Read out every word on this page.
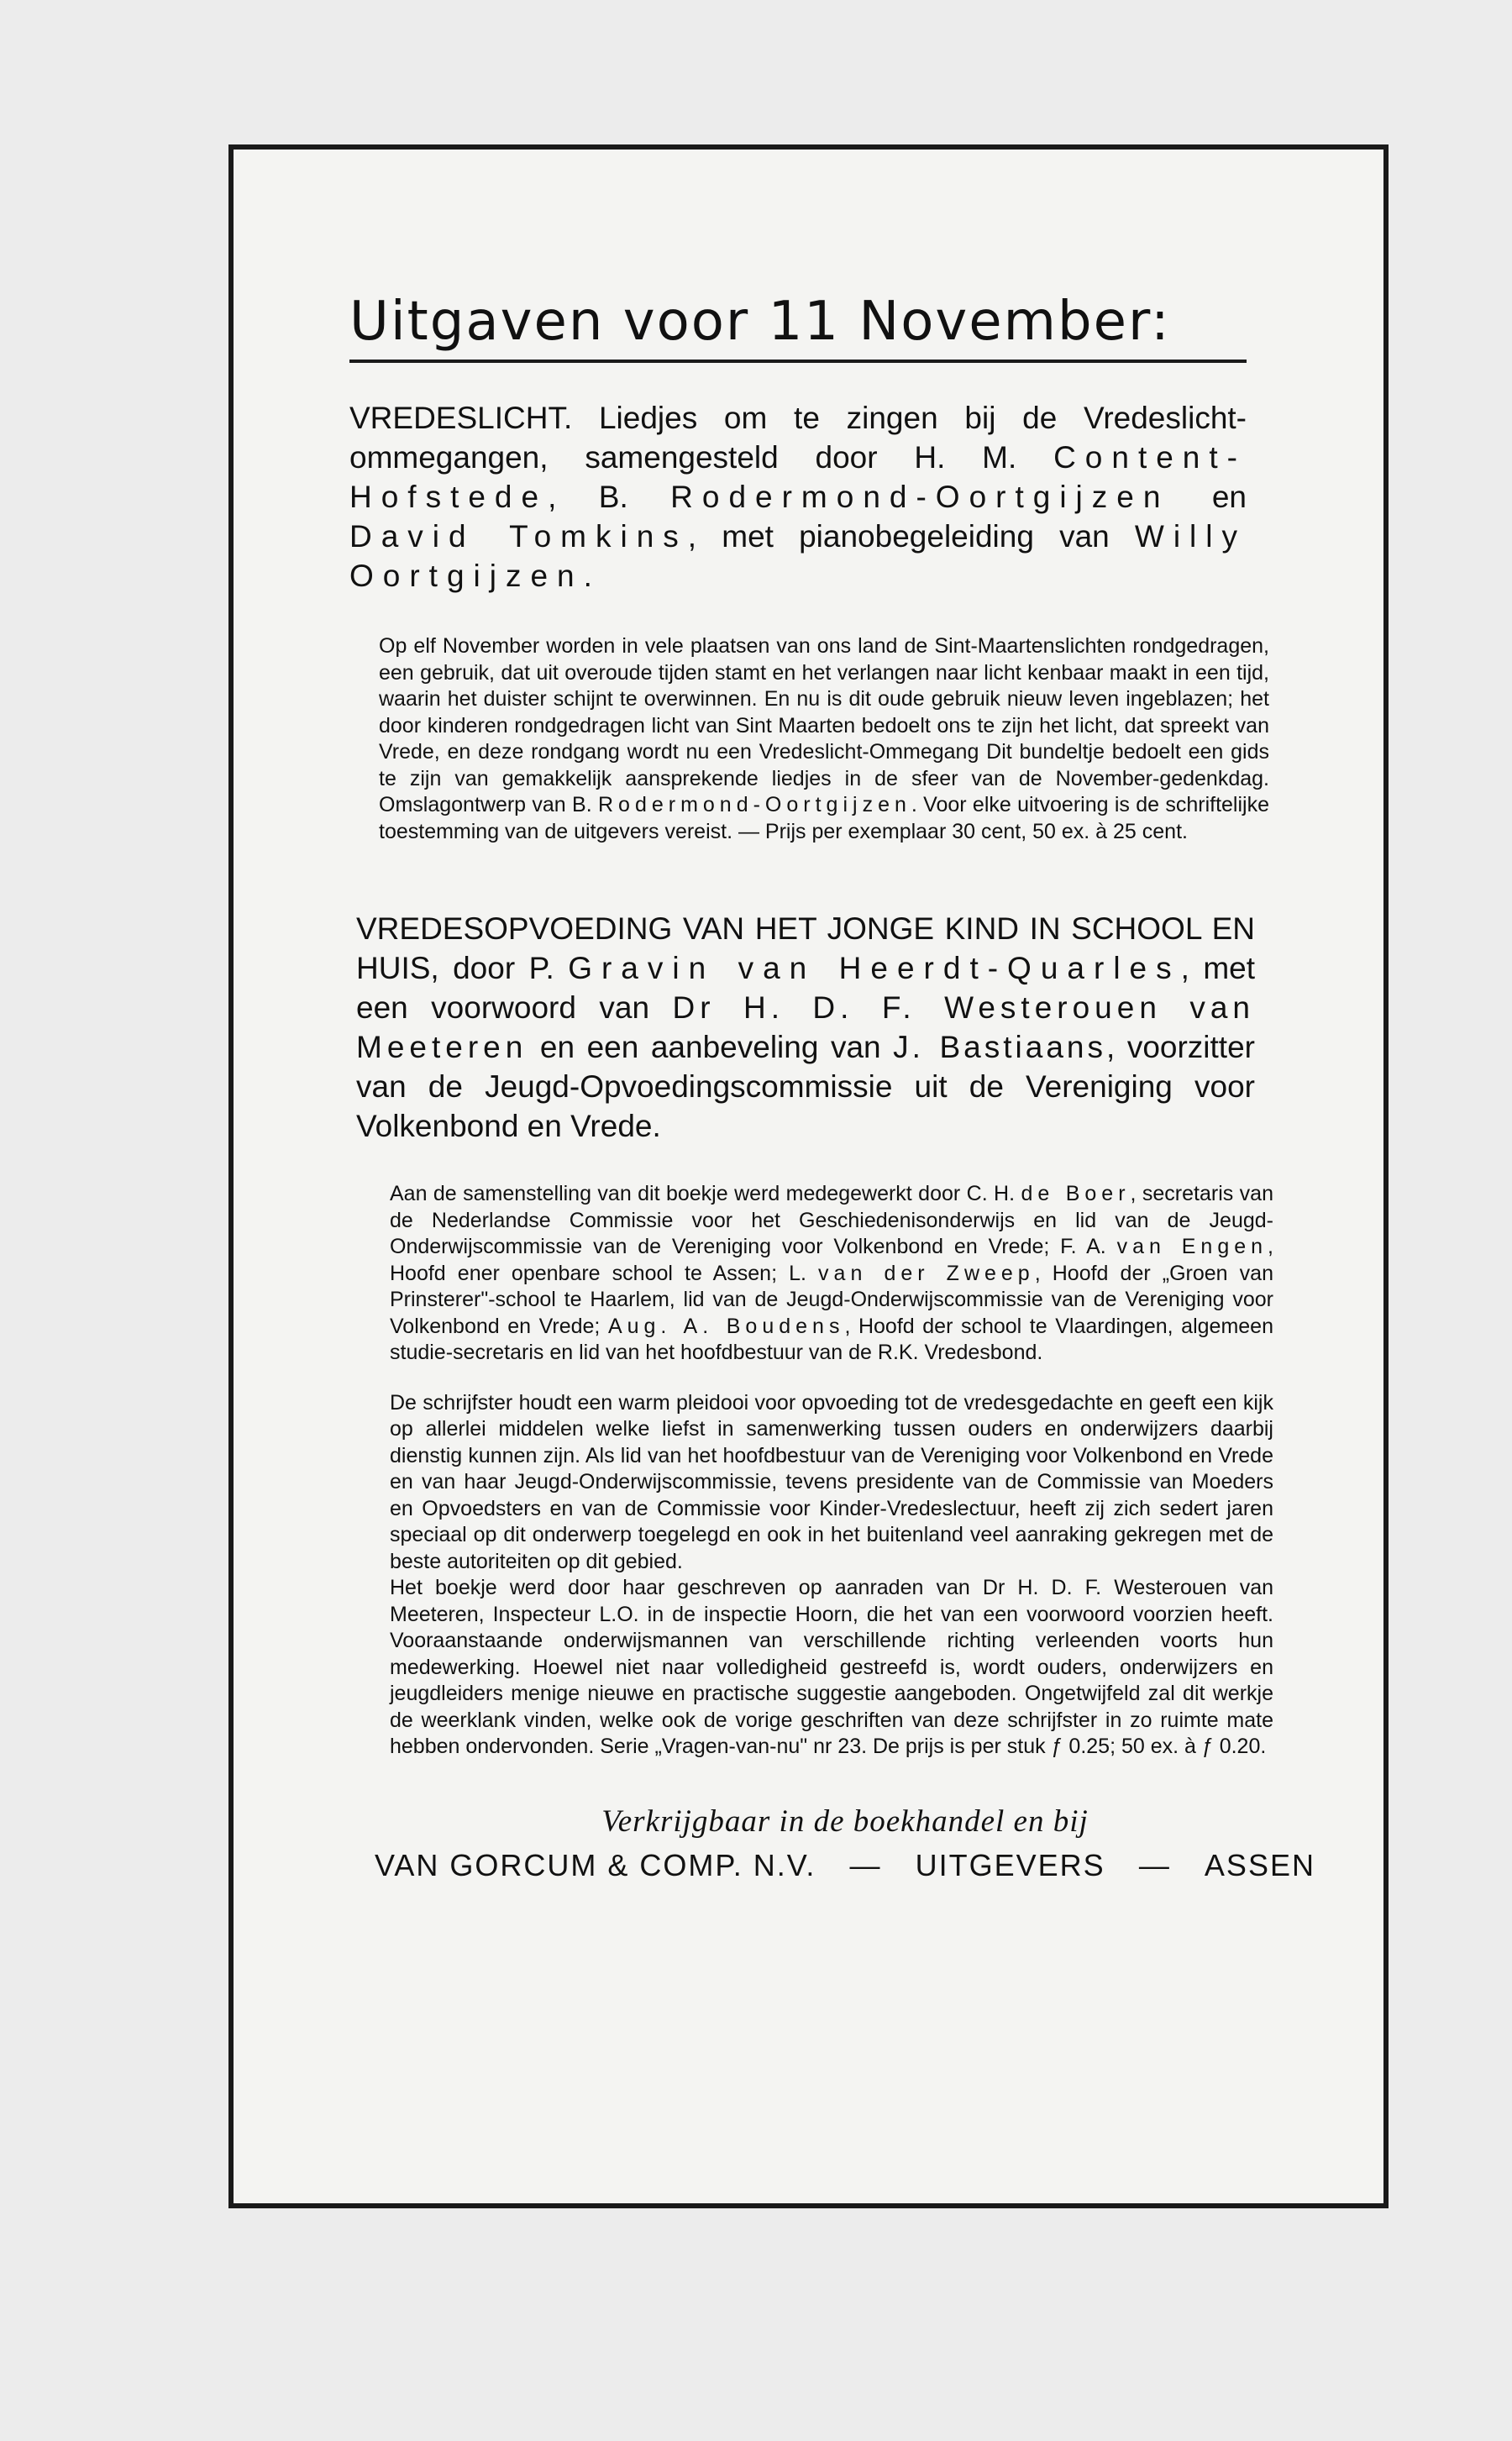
Uitgaven voor 11 November:

VREDESLICHT. Liedjes om te zingen bij de Vredeslicht-ommegangen, samengesteld door H. M. Content-Hofstede, B. Rodermond-Oortgijzen en David Tomkins, met pianobegeleiding van Willy Oortgijzen.

Op elf November worden in vele plaatsen van ons land de Sint-Maartenslichten rondgedragen, een gebruik, dat uit overoude tijden stamt en het verlangen naar licht kenbaar maakt in een tijd, waarin het duister schijnt te overwinnen. En nu is dit oude gebruik nieuw leven ingeblazen; het door kinderen rondgedragen licht van Sint Maarten bedoelt ons te zijn het licht, dat spreekt van Vrede, en deze rondgang wordt nu een Vredeslicht-Ommegang Dit bundeltje bedoelt een gids te zijn van gemakkelijk aansprekende liedjes in de sfeer van de November-gedenkdag. Omslagontwerp van B. Rodermond-Oortgijzen. Voor elke uitvoering is de schriftelijke toestemming van de uitgevers vereist. — Prijs per exemplaar 30 cent, 50 ex. à 25 cent.

VREDESOPVOEDING VAN HET JONGE KIND IN SCHOOL EN HUIS, door P. Gravin van Heerdt-Quarles, met een voorwoord van Dr H. D. F. Westerouen van Meeteren en een aanbeveling van J. Bastiaans, voorzitter van de Jeugd-Opvoedingscommissie uit de Vereniging voor Volkenbond en Vrede.

Aan de samenstelling van dit boekje werd medegewerkt door C. H. de Boer, secretaris van de Nederlandse Commissie voor het Geschiedenisonderwijs en lid van de Jeugd-Onderwijscommissie van de Vereniging voor Volkenbond en Vrede; F. A. van Engen, Hoofd ener openbare school te Assen; L. van der Zweep, Hoofd der „Groen van Prinsterer"-school te Haarlem, lid van de Jeugd-Onderwijscommissie van de Vereniging voor Volkenbond en Vrede; Aug. A. Boudens, Hoofd der school te Vlaardingen, algemeen studie-secretaris en lid van het hoofdbestuur van de R.K. Vredesbond.

De schrijfster houdt een warm pleidooi voor opvoeding tot de vredesgedachte en geeft een kijk op allerlei middelen welke liefst in samenwerking tussen ouders en onderwijzers daarbij dienstig kunnen zijn. Als lid van het hoofdbestuur van de Vereniging voor Volkenbond en Vrede en van haar Jeugd-Onderwijscommissie, tevens presidente van de Commissie van Moeders en Opvoedsters en van de Commissie voor Kinder-Vredeslectuur, heeft zij zich sedert jaren speciaal op dit onderwerp toegelegd en ook in het buitenland veel aanraking gekregen met de beste autoriteiten op dit gebied.

Het boekje werd door haar geschreven op aanraden van Dr H. D. F. Westerouen van Meeteren, Inspecteur L.O. in de inspectie Hoorn, die het van een voorwoord voorzien heeft. Vooraanstaande onderwijsmannen van verschillende richting verleenden voorts hun medewerking. Hoewel niet naar volledigheid gestreefd is, wordt ouders, onderwijzers en jeugdleiders menige nieuwe en practische suggestie aangeboden. Ongetwijfeld zal dit werkje de weerklank vinden, welke ook de vorige geschriften van deze schrijfster in zo ruimte mate hebben ondervonden. Serie „Vragen-van-nu" nr 23. De prijs is per stuk ƒ 0.25; 50 ex. à ƒ 0.20.

Verkrijgbaar in de boekhandel en bij

VAN GORCUM & COMP. N.V. — UITGEVERS — ASSEN
